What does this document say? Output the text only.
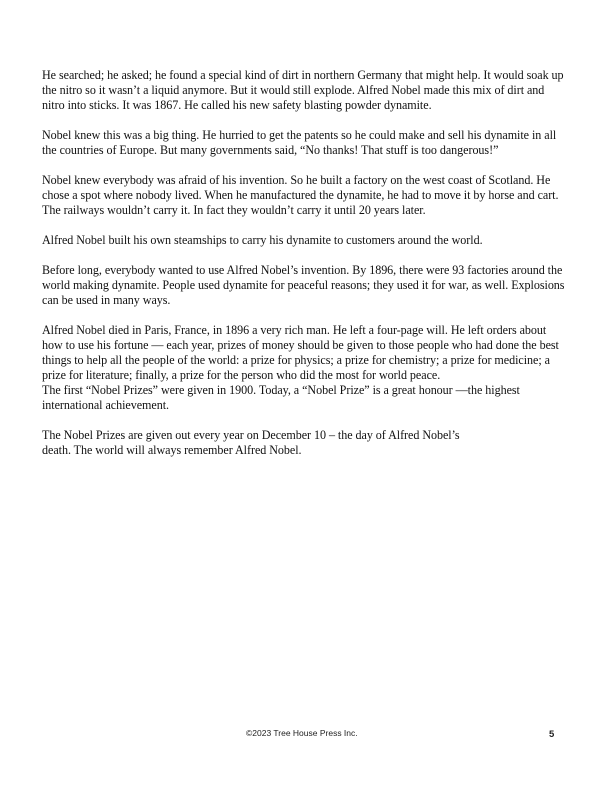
He searched; he asked; he found a special kind of dirt in northern Germany that might help. It would soak up the nitro so it wasn’t a liquid anymore. But it would still explode. Alfred Nobel made this mix of dirt and nitro into sticks. It was 1867. He called his new safety blasting powder dynamite.

Nobel knew this was a big thing. He hurried to get the patents so he could make and sell his dynamite in all the countries of Europe. But many governments said, “No thanks! That stuff is too dangerous!”

Nobel knew everybody was afraid of his invention. So he built a factory on the west coast of Scotland. He chose a spot where nobody lived. When he manufactured the dynamite, he had to move it by horse and cart. The railways wouldn’t carry it. In fact they wouldn’t carry it until 20 years later.

Alfred Nobel built his own steamships to carry his dynamite to customers around the world.

Before long, everybody wanted to use Alfred Nobel’s invention. By 1896, there were 93 factories around the world making dynamite. People used dynamite for peaceful reasons; they used it for war, as well. Explosions can be used in many ways.

Alfred Nobel died in Paris, France, in 1896 a very rich man. He left a four-page will. He left orders about how to use his fortune — each year, prizes of money should be given to those people who had done the best things to help all the people of the world: a prize for physics; a prize for chemistry; a prize for medicine; a prize for literature; finally, a prize for the person who did the most for world peace.

The first “Nobel Prizes” were given in 1900. Today, a “Nobel Prize” is a great honour —the highest international achievement.

The Nobel Prizes are given out every year on December 10 – the day of Alfred Nobel’s

death. The world will always remember Alfred Nobel.

©2023 Tree House Press Inc.	5
